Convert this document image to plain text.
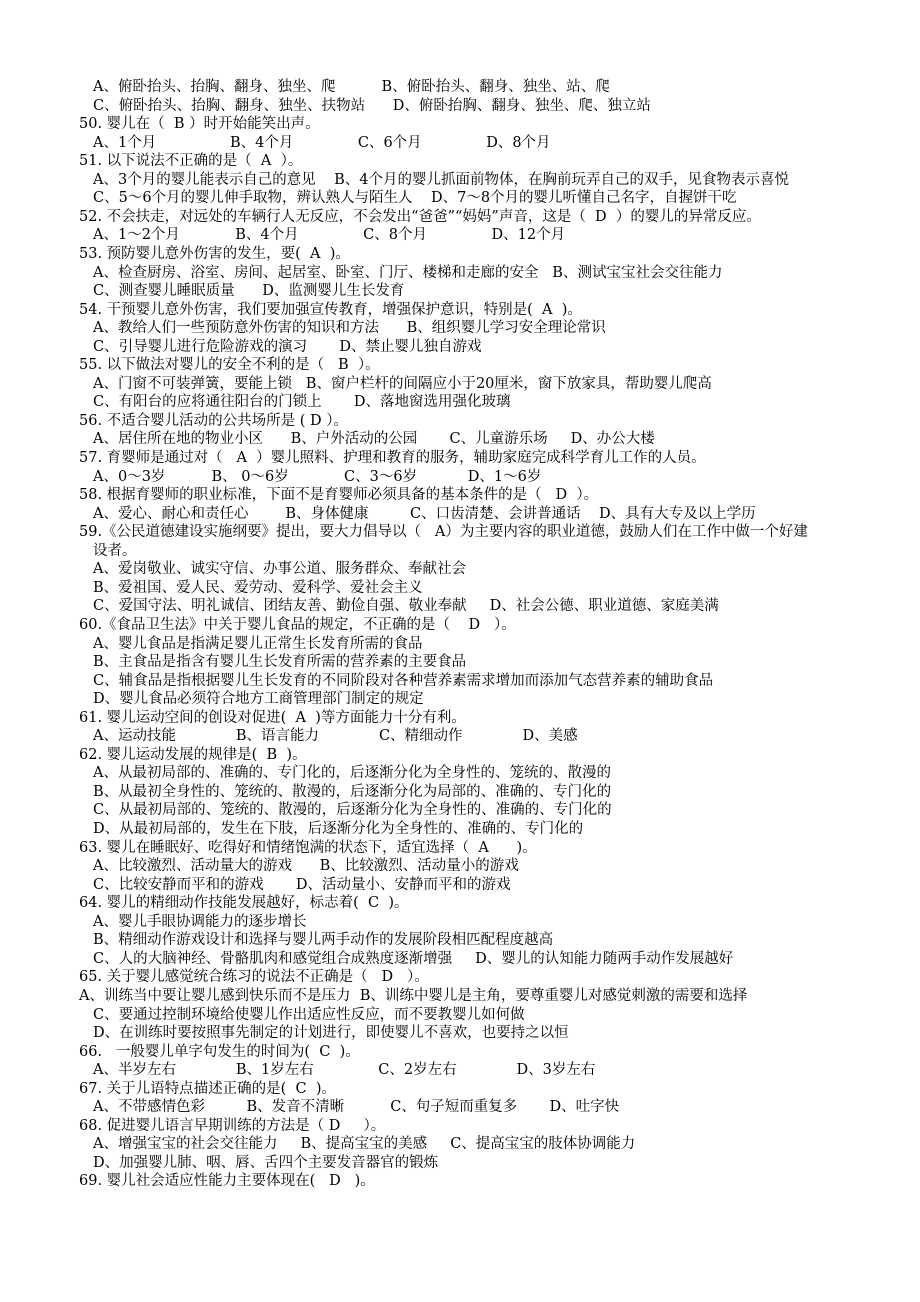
A、俯卧抬头、抬胸、翻身、独坐、爬          B、俯卧抬头、翻身、独坐、站、爬
C、俯卧抬头、抬胸、翻身、独坐、扶物站      D、俯卧抬胸、翻身、独坐、爬、独立站
50. 婴儿在（  B ）时开始能笑出声。
A、1个月                B、4个月              C、6个月              D、8个月
51. 以下说法不正确的是（  A  ）。
A、3个月的婴儿能表示自己的意见    B、4个月的婴儿抓面前物体，在胸前玩弄自己的双手，见食物表示喜悦
C、5～6个月的婴儿伸手取物，辨认熟人与陌生人    D、7～8个月的婴儿听懂自己名字，自握饼干吃
52. 不会扶走，对远处的车辆行人无反应，不会发出“爸爸”“妈妈”声音，这是（  D  ）的婴儿的异常反应。
A、1～2个月            B、4个月              C、8个月              D、12个月
53. 预防婴儿意外伤害的发生，要(  A  )。
A、检查厨房、浴室、房间、起居室、卧室、门厅、楼梯和走廊的安全   B、测试宝宝社会交往能力
C、测查婴儿睡眠质量      D、监测婴儿生长发育
54. 干预婴儿意外伤害，我们要加强宣传教育，增强保护意识，特别是(  A  )。
A、教给人们一些预防意外伤害的知识和方法      B、组织婴儿学习安全理论常识
C、引导婴儿进行危险游戏的演习       D、禁止婴儿独自游戏
55. 以下做法对婴儿的安全不利的是（   B  ）。
A、门窗不可装弹簧，要能上锁   B、窗户栏杆的间隔应小于20厘米，窗下放家具，帮助婴儿爬高
C、有阳台的应将通往阳台的门锁上       D、落地窗选用强化玻璃
56. 不适合婴儿活动的公共场所是 ( D ）。
A、居住所在地的物业小区      B、户外活动的公园       C、儿童游乐场     D、办公大楼
57. 育婴师是通过对（   A  ）婴儿照料、护理和教育的服务，辅助家庭完成科学育儿工作的人员。
A、0～3岁          B、 0～6岁            C、3～6岁           D、1～6岁
58. 根据育婴师的职业标准，下面不是育婴师必须具备的基本条件的是（   D  ）。
A、爱心、耐心和责任心        B、身体健康         C、口齿清楚、会讲普通话    D、具有大专及以上学历
59.《公民道德建设实施纲要》提出，要大力倡导以（   A）为主要内容的职业道德，鼓励人们在工作中做一个好建
设者。
A、爱岗敬业、诚实守信、办事公道、服务群众、奉献社会
B、爱祖国、爱人民、爱劳动、爱科学、爱社会主义
C、爱国守法、明礼诚信、团结友善、勤俭自强、敬业奉献     D、社会公德、职业道德、家庭美满
60.《食品卫生法》中关于婴儿食品的规定，不正确的是（    D   ）。
A、婴儿食品是指满足婴儿正常生长发育所需的食品
B、主食品是指含有婴儿生长发育所需的营养素的主要食品
C、辅食品是指根据婴儿生长发育的不同阶段对各种营养素需求增加而添加气态营养素的辅助食品
D、婴儿食品必须符合地方工商管理部门制定的规定
61. 婴儿运动空间的创设对促进(  A  )等方面能力十分有利。
A、运动技能             B、语言能力             C、精细动作             D、美感
62. 婴儿运动发展的规律是(  B  )。
A、从最初局部的、准确的、专门化的，后逐渐分化为全身性的、笼统的、散漫的
B、从最初全身性的、笼统的、散漫的，后逐渐分化为局部的、准确的、专门化的
C、从最初局部的、笼统的、散漫的，后逐渐分化为全身性的、准确的、专门化的
D、从最初局部的，发生在下肢，后逐渐分化为全身性的、准确的、专门化的
63. 婴儿在睡眠好、吃得好和情绪饱满的状态下，适宜选择（  A      )。
A、比较激烈、活动量大的游戏      B、比较激烈、活动量小的游戏
C、比较安静而平和的游戏       D、活动量小、安静而平和的游戏
64. 婴儿的精细动作技能发展越好，标志着(  C  )。
A、婴儿手眼协调能力的逐步增长
B、精细动作游戏设计和选择与婴儿两手动作的发展阶段相匹配程度越高
C、人的大脑神经、骨骼肌肉和感觉组合成熟度逐渐增强     D、婴儿的认知能力随两手动作发展越好
65. 关于婴儿感觉统合练习的说法不正确是（   D   ）。
A、训练当中要让婴儿感到快乐而不是压力  B、训练中婴儿是主角，要尊重婴儿对感觉刺激的需要和选择
C、要通过控制环境给使婴儿作出适应性反应，而不要教婴儿如何做
D、在训练时要按照事先制定的计划进行，即使婴儿不喜欢，也要持之以恒
66.   一般婴儿单字句发生的时间为(  C  )。
A、半岁左右             B、1岁左右              C、2岁左右             D、3岁左右
67. 关于儿语特点描述正确的是(  C  )。
A、不带感情色彩         B、发音不清晰          C、句子短而重复多       D、吐字快
68. 促进婴儿语言早期训练的方法是（ D     ）。
A、增强宝宝的社会交往能力     B、提高宝宝的美感     C、提高宝宝的肢体协调能力
D、加强婴儿肺、咽、唇、舌四个主要发音器官的锻炼
69. 婴儿社会适应性能力主要体现在(   D   )。
